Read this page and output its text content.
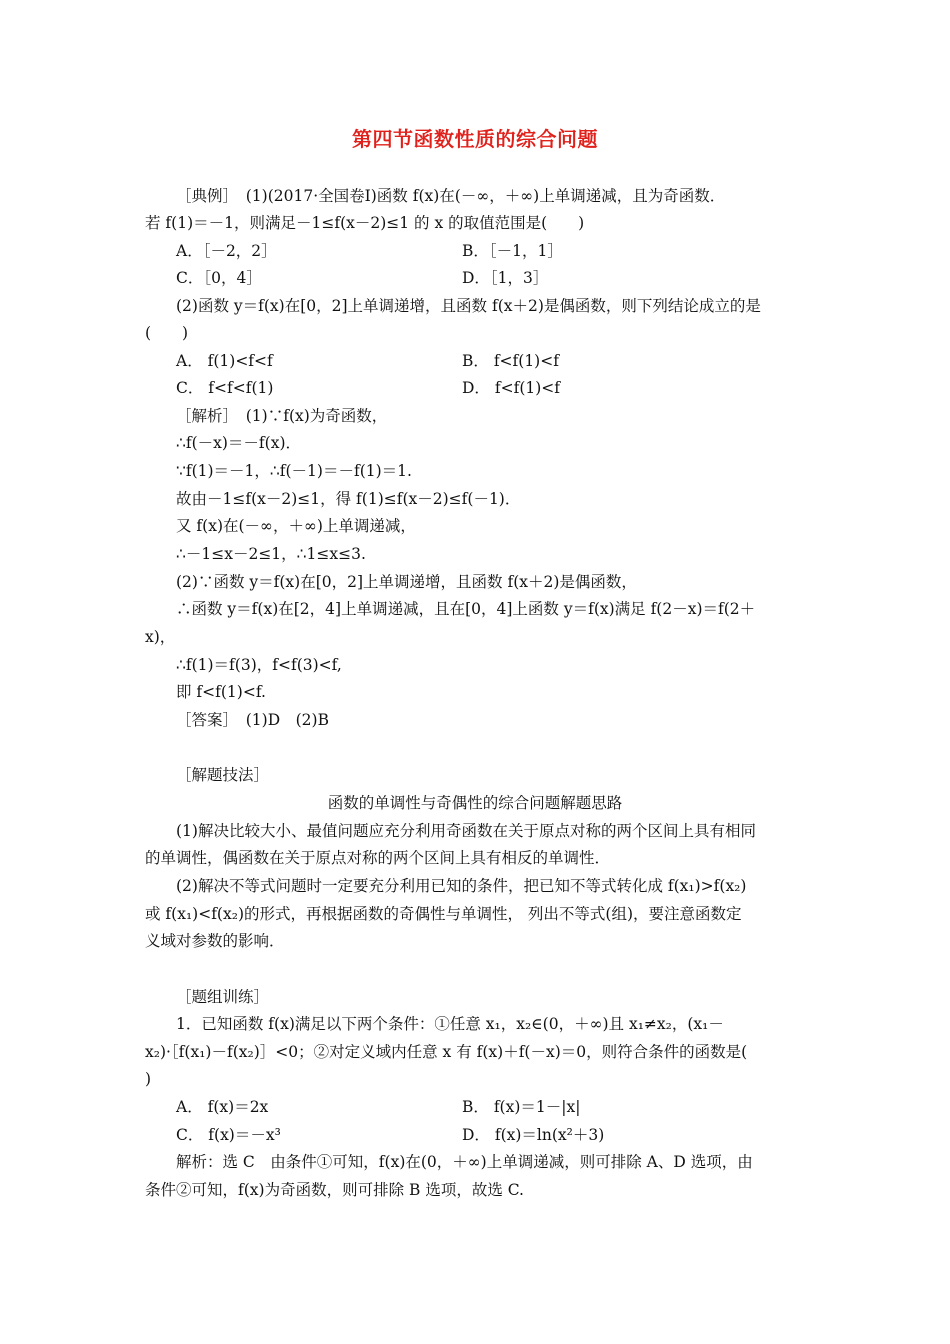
第四节函数性质的综合问题
［典例］　(1)(2017·全国卷Ⅰ)函数 f(x)在(－∞，＋∞)上单调递减，且为奇函数．
若 f(1)＝－1，则满足－1≤f(x－2)≤1 的 x 的取值范围是(　　)
A．［－2，2］	B．［－1，1］
C．［0，4］	D．［1，3］
(2)函数 y＝f(x)在[0，2]上单调递增，且函数 f(x＋2)是偶函数，则下列结论成立的是
(　　)
A． f(1)<f<f	B． f<f(1)<f
C． f<f<f(1)	D． f<f(1)<f
［解析］　(1)∵f(x)为奇函数，
∴f(－x)＝－f(x)．
∵f(1)＝－1，∴f(－1)＝－f(1)＝1.
故由－1≤f(x－2)≤1，得 f(1)≤f(x－2)≤f(－1)．
又 f(x)在(－∞，＋∞)上单调递减，
∴－1≤x－2≤1，∴1≤x≤3.
(2)∵函数 y＝f(x)在[0，2]上单调递增，且函数 f(x＋2)是偶函数，
∴函数 y＝f(x)在[2，4]上单调递减，且在[0，4]上函数 y＝f(x)满足 f(2－x)＝f(2＋
x)，
∴f(1)＝f(3)，f<f(3)<f,
即 f<f(1)<f.
［答案］　(1)D　(2)B
［解题技法］
函数的单调性与奇偶性的综合问题解题思路
(1)解决比较大小、最值问题应充分利用奇函数在关于原点对称的两个区间上具有相同
的单调性，偶函数在关于原点对称的两个区间上具有相反的单调性．
(2)解决不等式问题时一定要充分利用已知的条件，把已知不等式转化成 f(x₁)>f(x₂)
或 f(x₁)<f(x₂)的形式，再根据函数的奇偶性与单调性， 列出不等式(组)，要注意函数定
义域对参数的影响．
［题组训练］
1．已知函数 f(x)满足以下两个条件：①任意 x₁，x₂∈(0，＋∞)且 x₁≠x₂，(x₁－
x₂)·［f(x₁)－f(x₂)］<0；②对定义域内任意 x 有 f(x)＋f(－x)＝0，则符合条件的函数是(
)
A． f(x)＝2x	B． f(x)＝1－|x|
C． f(x)＝－x³	D． f(x)＝ln(x²＋3)
解析：选 C　由条件①可知，f(x)在(0，＋∞)上单调递减，则可排除 A、D 选项，由
条件②可知，f(x)为奇函数，则可排除 B 选项，故选 C.
